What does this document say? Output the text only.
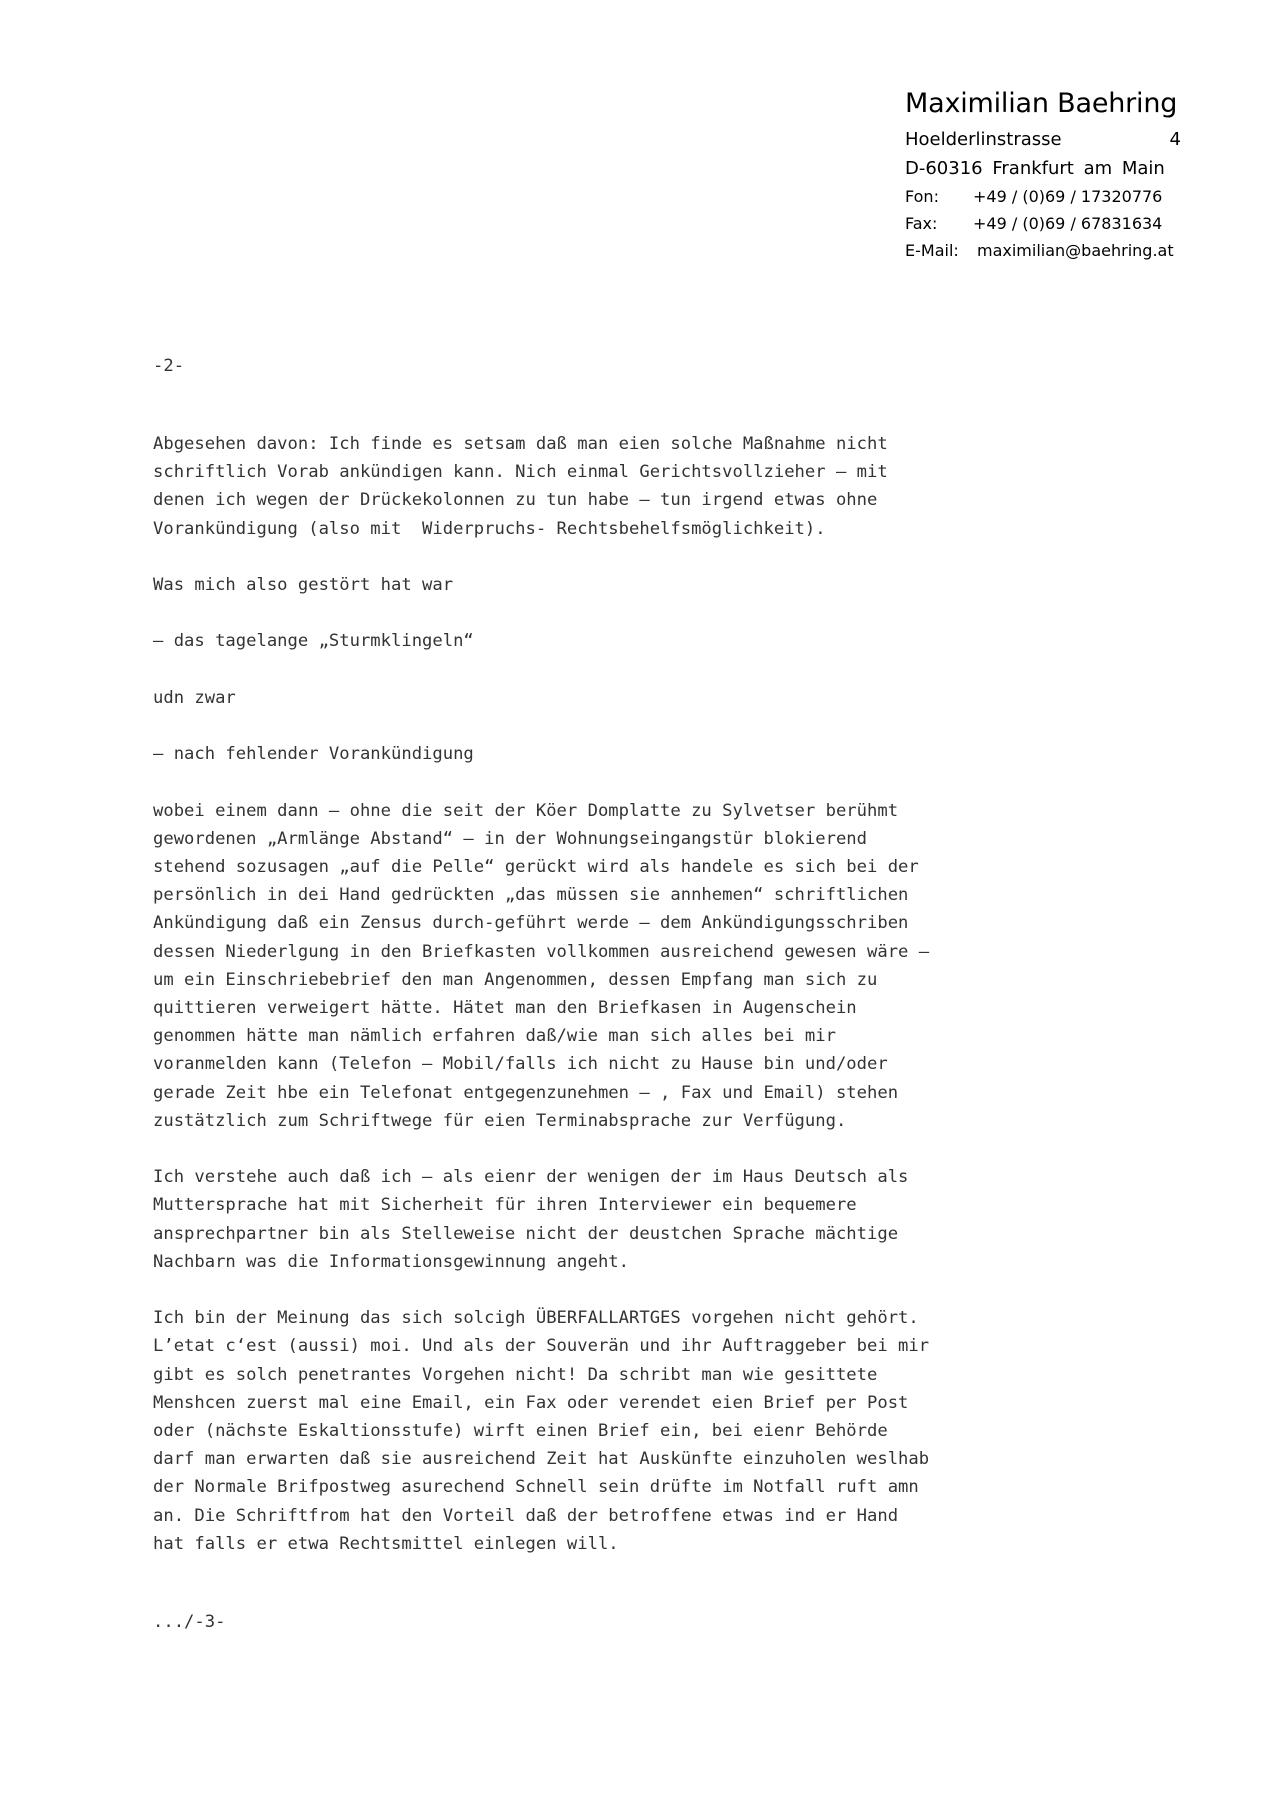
Maximilian Baehring
Hoelderlinstrasse	4
D-60316 Frankfurt am Main
Fon:	+49 / (0)69 / 17320776
Fax:	+49 / (0)69 / 67831634
E-Mail:	maximilian@baehring.at
-2-

Abgesehen davon: Ich finde es setsam daß man eien solche Maßnahme nicht
schriftlich Vorab ankündigen kann. Nich einmal Gerichtsvollzieher – mit
denen ich wegen der Drückekolonnen zu tun habe – tun irgend etwas ohne
Vorankündigung (also mit  Widerpruchs- Rechtsbehelfsmöglichkeit).

Was mich also gestört hat war

– das tagelange „Sturmklingeln“

udn zwar

– nach fehlender Vorankündigung

wobei einem dann – ohne die seit der Köer Domplatte zu Sylvetser berühmt
gewordenen „Armlänge Abstand“ – in der Wohnungseingangstür blokierend
stehend sozusagen „auf die Pelle“ gerückt wird als handele es sich bei der
persönlich in dei Hand gedrückten „das müssen sie annhemen“ schriftlichen
Ankündigung daß ein Zensus durch-geführt werde – dem Ankündigungsschriben
dessen Niederlgung in den Briefkasten vollkommen ausreichend gewesen wäre –
um ein Einschriebebrief den man Angenommen, dessen Empfang man sich zu
quittieren verweigert hätte. Hätet man den Briefkasen in Augenschein
genommen hätte man nämlich erfahren daß/wie man sich alles bei mir
voranmelden kann (Telefon – Mobil/falls ich nicht zu Hause bin und/oder
gerade Zeit hbe ein Telefonat entgegenzunehmen – , Fax und Email) stehen
zustätzlich zum Schriftwege für eien Terminabsprache zur Verfügung.

Ich verstehe auch daß ich – als eienr der wenigen der im Haus Deutsch als
Muttersprache hat mit Sicherheit für ihren Interviewer ein bequemere
ansprechpartner bin als Stelleweise nicht der deustchen Sprache mächtige
Nachbarn was die Informationsgewinnung angeht.

Ich bin der Meinung das sich solcigh ÜBERFALLARTGES vorgehen nicht gehört.
L’etat c‘est (aussi) moi. Und als der Souverän und ihr Auftraggeber bei mir
gibt es solch penetrantes Vorgehen nicht! Da schribt man wie gesittete
Menshcen zuerst mal eine Email, ein Fax oder verendet eien Brief per Post
oder (nächste Eskaltionsstufe) wirft einen Brief ein, bei eienr Behörde
darf man erwarten daß sie ausreichend Zeit hat Auskünfte einzuholen weslhab
der Normale Brifpostweg asurechend Schnell sein drüfte im Notfall ruft amn
an. Die Schriftfrom hat den Vorteil daß der betroffene etwas ind er Hand
hat falls er etwa Rechtsmittel einlegen will.

.../-3-
